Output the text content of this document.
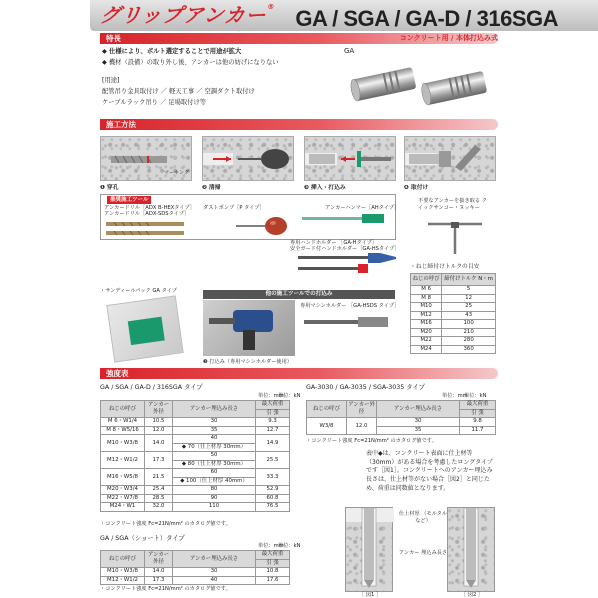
グリップアンカー® GA / SGA / GA-D / 316SGA
特長	コンクリート用 / 本体打込み式
◆ 仕様により、ボルト選定することで用途が拡大
◆ 機材（設備）の取り外し後、アンカーは他の妨げになりない
[用途]
配管吊り金具取付け ／ 軽天工事 ／ 空調ダクト取付け
ケーブルラック吊り ／ 足場取付け等
GA
施工方法
マーキング
❶ 穿孔	❷ 清掃	❸ 挿入・打込み	❹ 取付け
推奨施工ツール
アンカードリル［ADX B-HEXタイプ］
アンカードリル［ADX-SDSタイプ］
ダストポンプ［P タイプ］	アンカーハンマー［AHタイプ］
専用ハンドホルダー ［GA-Hタイプ］
安全ガード付ハンドホルダー［GA-HSタイプ］
不要なアンカーを抜き取る クイックサンコー・ヌッキー
・ねじ締付けトルクの目安
ねじの呼び	締付けトルク N・m
M 6	5
M 8	12
M10	25
M12	43
M16	100
M20	210
M22	280
M24	360
・サンディールパック GA タイプ	他の施工ツールでの打込み
専用マシンホルダー ［GA-HSDS タイプ］
❸ 打込み（専用マシンホルダー使用）
強度表
GA / SGA / GA-D / 316SGA タイプ
単位：mm
単位：kN
ねじの呼び	アンカー外径	アンカー埋込み長さ	最大荷重
			引 張
M 6・W1/4	10.5	30	9.3
M 8・W5/16	12.0	35	12.7
M10・W3/8	14.0	40	14.9
		◆ 70（仕上材厚 30mm）	
M12・W1/2	17.3	50	25.5
		◆ 80（仕上材厚 30mm）	
M16・W5/8	21.5	60	33.3
		◆ 100（仕上材厚 40mm）	
M20・W3/4	25.4	80	52.9
M22・W7/8	28.5	90	60.8
M24・W1	32.0	110	76.5
・コンクリート強度 Fc=21N/mm² のカタログ値です。
GA / SGA（ショート）タイプ
単位：mm
単位：kN
ねじの呼び	アンカー外径	アンカー埋込み長さ	最大荷重
			引 張
M10・W3/8	14.0	30	10.8
M12・W1/2	17.3	40	17.6
・コンクリート強度 Fc=21N/mm² のカタログ値です。
GA-3030 / GA-3035 / SGA-3035 タイプ
単位：mm
単位：kN
ねじの呼び	アンカー外径	アンカー埋込み長さ	最大荷重
			引 張
W3/8	12.0	30	9.8
		35	11.7
・コンクリート強度 Fc=21N/mm² のカタログ値です。
表中◆は、コンクリート表面に仕上材等（30mm）がある場合を考慮したロングタイプです［図1］。コンクリートへのアンカー埋込み長さは、仕上材等がない場合［図2］と同じため、荷重は同数値となります。
仕上材厚 （モルタルなど）
アンカー 埋込み長さ
［ 図1 ］	［ 図2 ］
